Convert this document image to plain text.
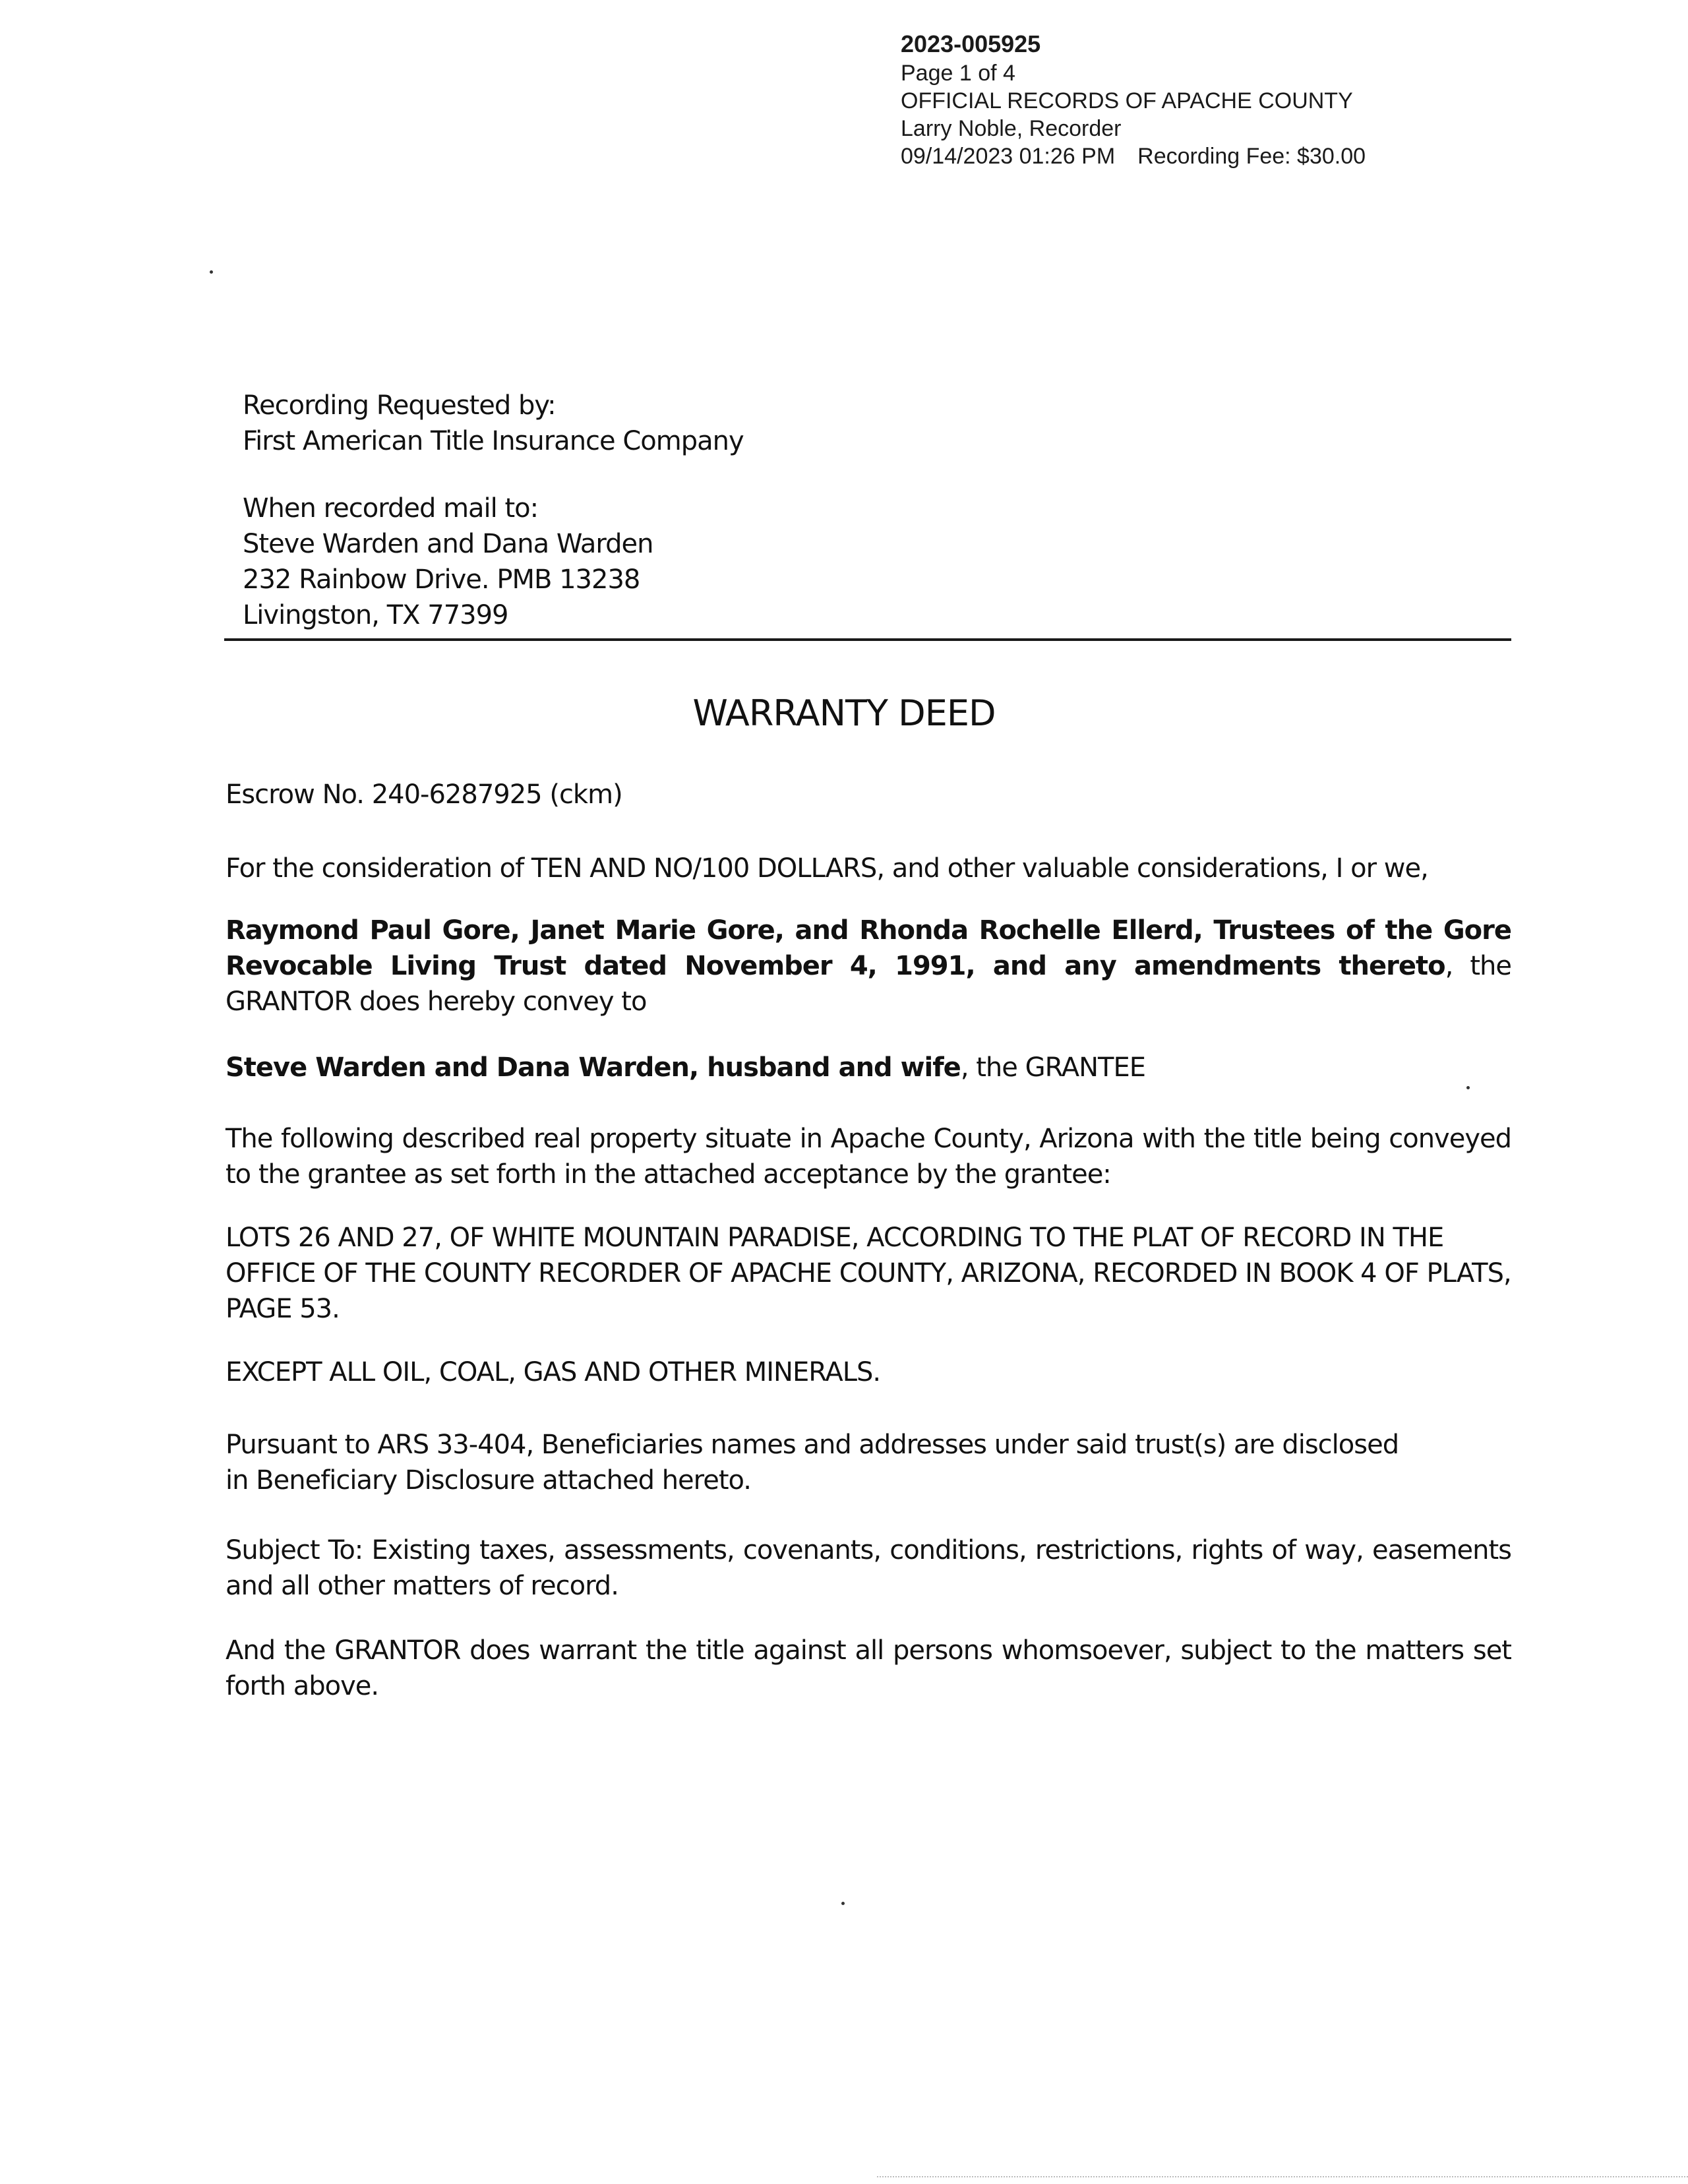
2023-005925
Page 1 of 4
OFFICIAL RECORDS OF APACHE COUNTY
Larry Noble, Recorder
09/14/2023 01:26 PM Recording Fee: $30.00

Recording Requested by:

First American Title Insurance Company

When recorded mail to:

Steve Warden and Dana Warden

232 Rainbow Drive. PMB 13238

Livingston, TX 77399

WARRANTY DEED
Escrow No. 240-6287925 (ckm)
For the consideration of TEN AND NO/100 DOLLARS, and other valuable considerations, I or we,
Raymond Paul Gore, Janet Marie Gore, and Rhonda Rochelle Ellerd, Trustees of the Gore Revocable Living Trust dated November 4, 1991, and any amendments thereto, the GRANTOR does hereby convey to
Steve Warden and Dana Warden, husband and wife, the GRANTEE
The following described real property situate in Apache County, Arizona with the title being conveyed to the grantee as set forth in the attached acceptance by the grantee:
LOTS 26 AND 27, OF WHITE MOUNTAIN PARADISE, ACCORDING TO THE PLAT OF RECORD IN THE OFFICE OF THE COUNTY RECORDER OF APACHE COUNTY, ARIZONA, RECORDED IN BOOK 4 OF PLATS, PAGE 53.
EXCEPT ALL OIL, COAL, GAS AND OTHER MINERALS.
Pursuant to ARS 33-404, Beneficiaries names and addresses under said trust(s) are disclosed in Beneficiary Disclosure attached hereto.
Subject To: Existing taxes, assessments, covenants, conditions, restrictions, rights of way, easements and all other matters of record.
And the GRANTOR does warrant the title against all persons whomsoever, subject to the matters set forth above.
